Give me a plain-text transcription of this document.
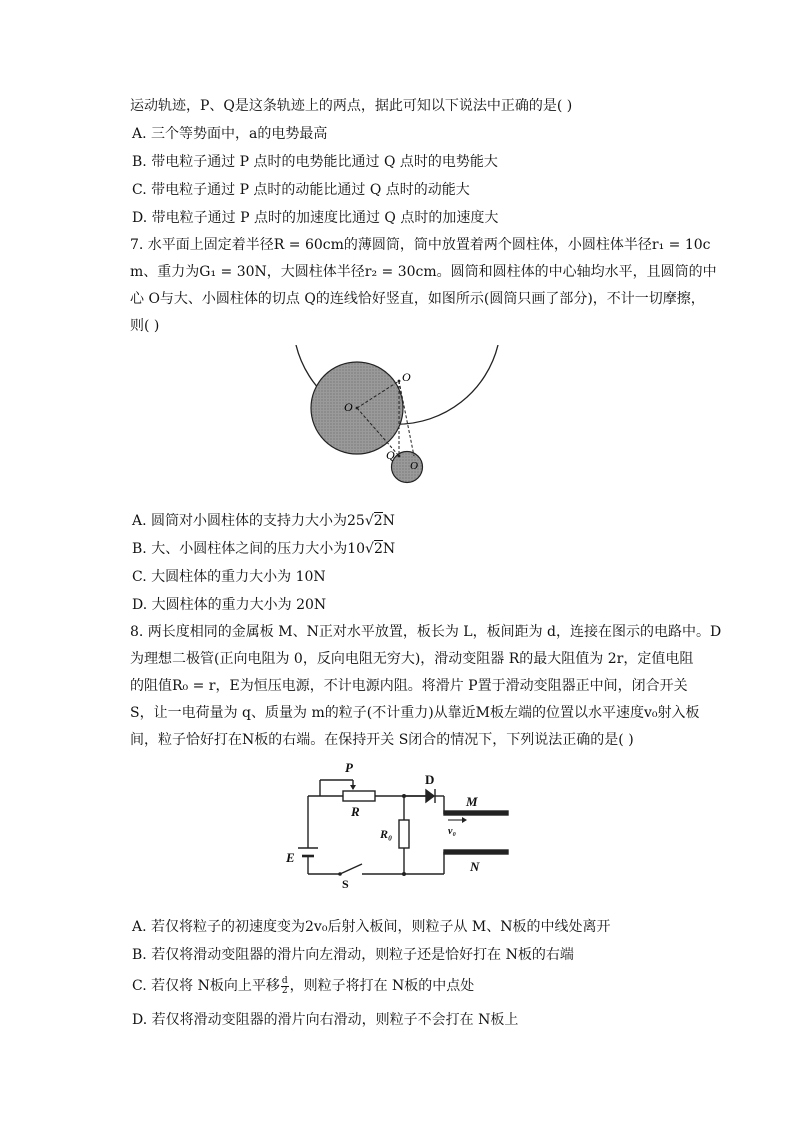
运动轨迹，P、Q是这条轨迹上的两点，据此可知以下说法中正确的是( )
A. 三个等势面中，a的电势最高
B. 带电粒子通过 P 点时的电势能比通过 Q 点时的电势能大
C. 带电粒子通过 P 点时的动能比通过 Q 点时的动能大
D. 带电粒子通过 P 点时的加速度比通过 Q 点时的加速度大
7. 水平面上固定着半径R = 60cm的薄圆筒，筒中放置着两个圆柱体，小圆柱体半径r₁ = 10c
m、重力为G₁ = 30N，大圆柱体半径r₂ = 30cm。圆筒和圆柱体的中心轴均水平，且圆筒的中
心 O与大、小圆柱体的切点 Q的连线恰好竖直，如图所示(圆筒只画了部分)，不计一切摩擦，
则( )
O
O
Q
O
A. 圆筒对小圆柱体的支持力大小为25√2N
B. 大、小圆柱体之间的压力大小为10√2N
C. 大圆柱体的重力大小为 10N
D. 大圆柱体的重力大小为 20N
8. 两长度相同的金属板 M、N正对水平放置，板长为 L，板间距为 d，连接在图示的电路中。D
为理想二极管(正向电阻为 0，反向电阻无穷大)，滑动变阻器 R的最大阻值为 2r，定值电阻
的阻值R₀ = r，E为恒压电源，不计电源内阻。将滑片 P置于滑动变阻器正中间，闭合开关
S，让一电荷量为 q、质量为 m的粒子(不计重力)从靠近M板左端的位置以水平速度v₀射入板
间，粒子恰好打在N板的右端。在保持开关 S闭合的情况下，下列说法正确的是( )
P
R
D
M
E
R₀	v₀
N
S
A. 若仅将粒子的初速度变为2v₀后射入板间，则粒子从 M、N板的中线处离开
B. 若仅将滑动变阻器的滑片向左滑动，则粒子还是恰好打在 N板的右端
C. 若仅将 N板向上平移 $\frac{d}{2}$ ，则粒子将打在 N板的中点处
D. 若仅将滑动变阻器的滑片向右滑动，则粒子不会打在 N板上
